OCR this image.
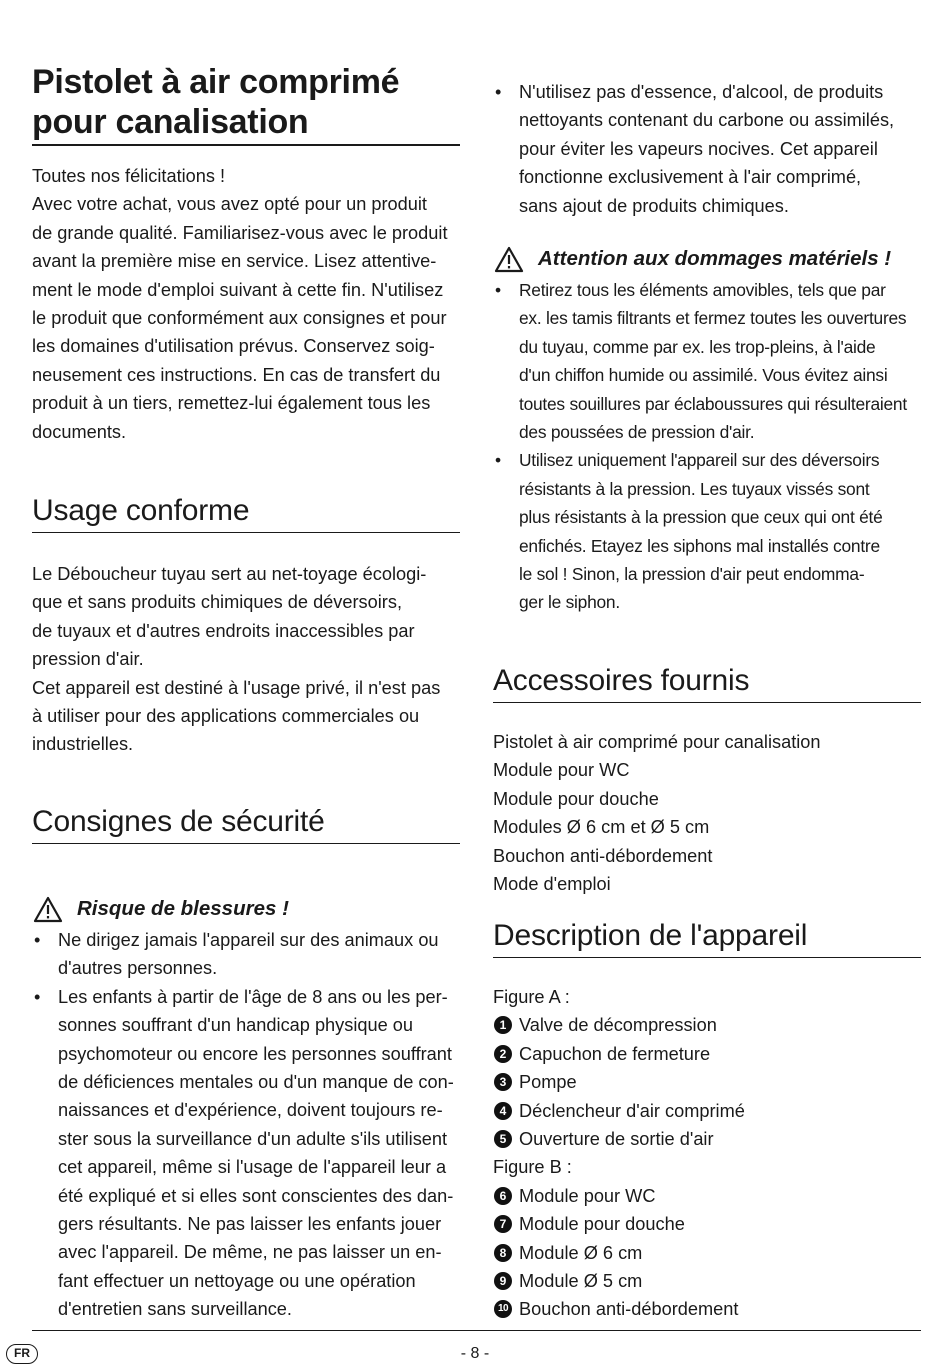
Pistolet à air comprimé
pour canalisation

Toutes nos félicitations !
Avec votre achat, vous avez opté pour un produit
de grande qualité. Familiarisez-vous avec le produit
avant la première mise en service. Lisez attentive-
ment le mode d'emploi suivant à cette fin. N'utilisez
le produit que conformément aux consignes et pour
les domaines d'utilisation prévus. Conservez soig-
neusement ces instructions. En cas de transfert du
produit à un tiers, remettez-lui également tous les
documents.

Usage conforme

Le Déboucheur tuyau sert au net-toyage écologi-
que et sans produits chimiques de déversoirs,
de tuyaux et d'autres endroits inaccessibles par
pression d'air.
Cet appareil est destiné à l'usage privé, il n'est pas
à utiliser pour des applications commerciales ou
industrielles.

Consignes de sécurité
Risque de blessures !
• Ne dirigez jamais l'appareil sur des animaux ou
d'autres personnes.
• Les enfants à partir de l'âge de 8 ans ou les per-
sonnes souffrant d'un handicap physique ou
psychomoteur ou encore les personnes souffrant
de déficiences mentales ou d'un manque de con-
naissances et d'expérience, doivent toujours re-
ster sous la surveillance d'un adulte s'ils utilisent
cet appareil, même si l'usage de l'appareil leur a
été expliqué et si elles sont conscientes des dan-
gers résultants. Ne pas laisser les enfants jouer
avec l'appareil. De même, ne pas laisser un en-
fant effectuer un nettoyage ou une opération
d'entretien sans surveillance.
• N'utilisez pas d'essence, d'alcool, de produits
nettoyants contenant du carbone ou assimilés,
pour éviter les vapeurs nocives. Cet appareil
fonctionne exclusivement à l'air comprimé,
sans ajout de produits chimiques.
Attention aux dommages matériels !
• Retirez tous les éléments amovibles, tels que par
ex. les tamis filtrants et fermez toutes les ouvertures
du tuyau, comme par ex. les trop-pleins, à l'aide
d'un chiffon humide ou assimilé. Vous évitez ainsi
toutes souillures par éclaboussures qui résulteraient
des poussées de pression d'air.
• Utilisez uniquement l'appareil sur des déversoirs
résistants à la pression. Les tuyaux vissés sont
plus résistants à la pression que ceux qui ont été
enfichés. Etayez les siphons mal installés contre
le sol ! Sinon, la pression d'air peut endomma-
ger le siphon.
Accessoires fournis

Pistolet à air comprimé pour canalisation
Module pour WC
Module pour douche
Modules Ø 6 cm et Ø 5 cm
Bouchon anti-débordement
Mode d'emploi

Description de l'appareil
Figure A :
1 Valve de décompression
2 Capuchon de fermeture
3 Pompe
4 Déclencheur d'air comprimé
5 Ouverture de sortie d'air
Figure B :
6 Module pour WC
7 Module pour douche
8 Module Ø 6 cm
9 Module Ø 5 cm
10 Bouchon anti-débordement
FR	- 8 -
